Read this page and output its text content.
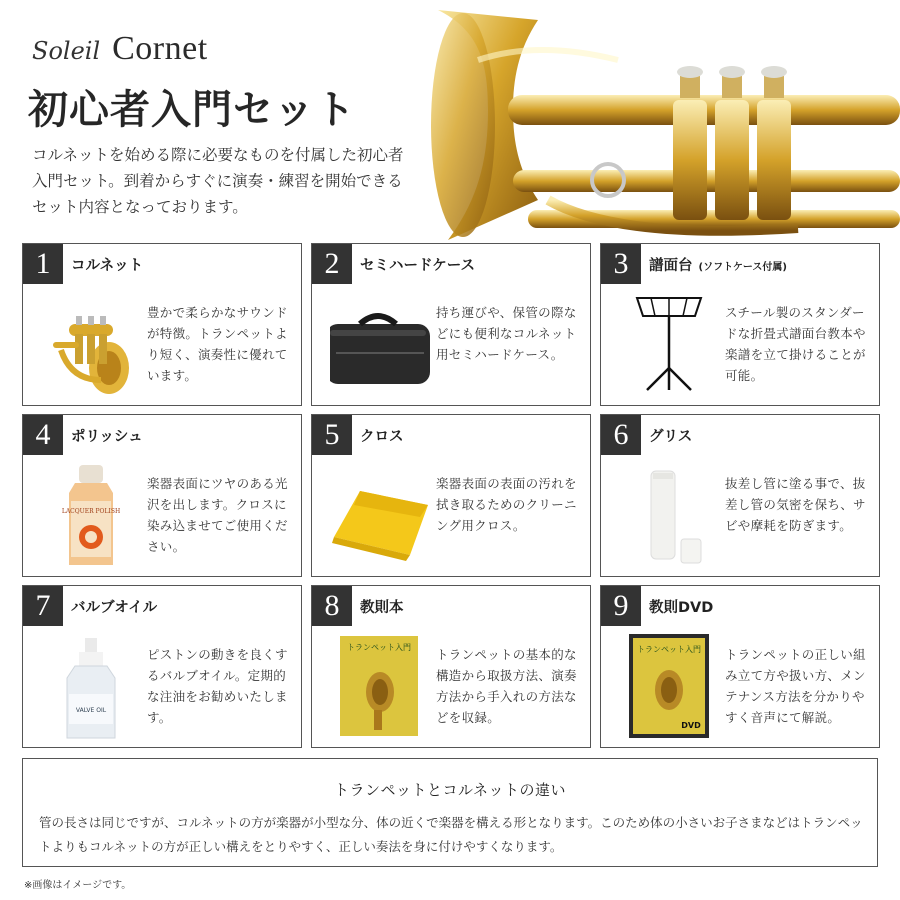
Soleil Cornet
初心者入門セット
コルネットを始める際に必要なものを付属した初心者入門セット。到着からすぐに演奏・練習を開始できるセット内容となっております。
1	コルネット
豊かで柔らかなサウンドが特徴。トランペットより短く、演奏性に優れています。
2	セミハードケース
持ち運びや、保管の際などにも便利なコルネット用セミハードケース。
3	譜面台 (ソフトケース付属)
スチール製のスタンダードな折畳式譜面台教本や楽譜を立て掛けることが可能。
4	ポリッシュ
LACQUER POLISH
楽器表面にツヤのある光沢を出します。クロスに染み込ませてご使用ください。
5	クロス
楽器表面の表面の汚れを拭き取るためのクリーニング用クロス。
6	グリス
抜差し管に塗る事で、抜差し管の気密を保ち、サビや摩耗を防ぎます。
7	バルブオイル
VALVE OIL
ピストンの動きを良くするバルブオイル。定期的な注油をお勧めいたします。
8	教則本
トランペット入門 トランペットの基本的な構造から取扱方法、演奏方法から手入れの方法などを収録。
9	教則DVD
トランペット入門
DVD
トランペットの正しい組み立て方や扱い方、メンテナンス方法を分かりやすく音声にて解説。
トランペットとコルネットの違い
管の長さは同じですが、コルネットの方が楽器が小型な分、体の近くで楽器を構える形となります。このため体の小さいお子さまなどはトランペットよりもコルネットの方が正しい構えをとりやすく、正しい奏法を身に付けやすくなります。
※画像はイメージです。
